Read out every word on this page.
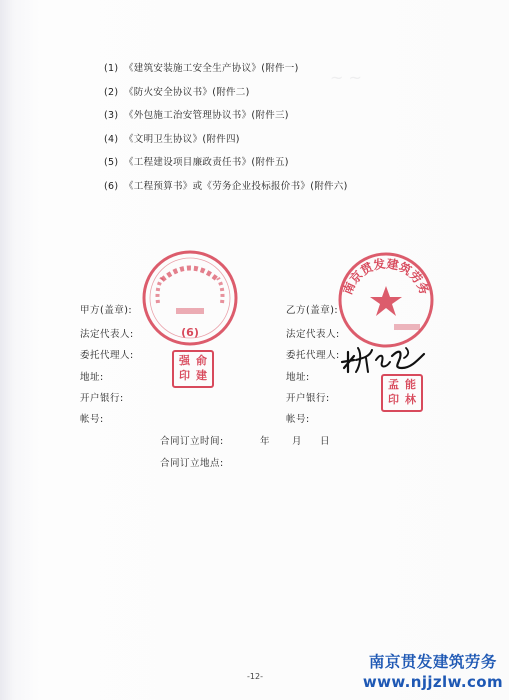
~ ~
(1) 《建筑安装施工安全生产协议》(附件一)
(2) 《防火安全协议书》(附件二)
(3) 《外包施工治安管理协议书》(附件三)
(4) 《文明卫生协议》(附件四)
(5) 《工程建设项目廉政责任书》(附件五)
(6) 《工程预算书》或《劳务企业投标报价书》(附件六)
(6)
南京贯发建筑劳务
强 俞
印 建
孟 能
印 林
甲方(盖章):
法定代表人:
委托代理人:
地址:
开户银行:
帐号:
乙方(盖章):
法定代表人:
委托代理人:
地址:
开户银行:
帐号:
合同订立时间:	年 月 日
合同订立地点:
-12-
南京贯发建筑劳务
www.njjzlw.com
